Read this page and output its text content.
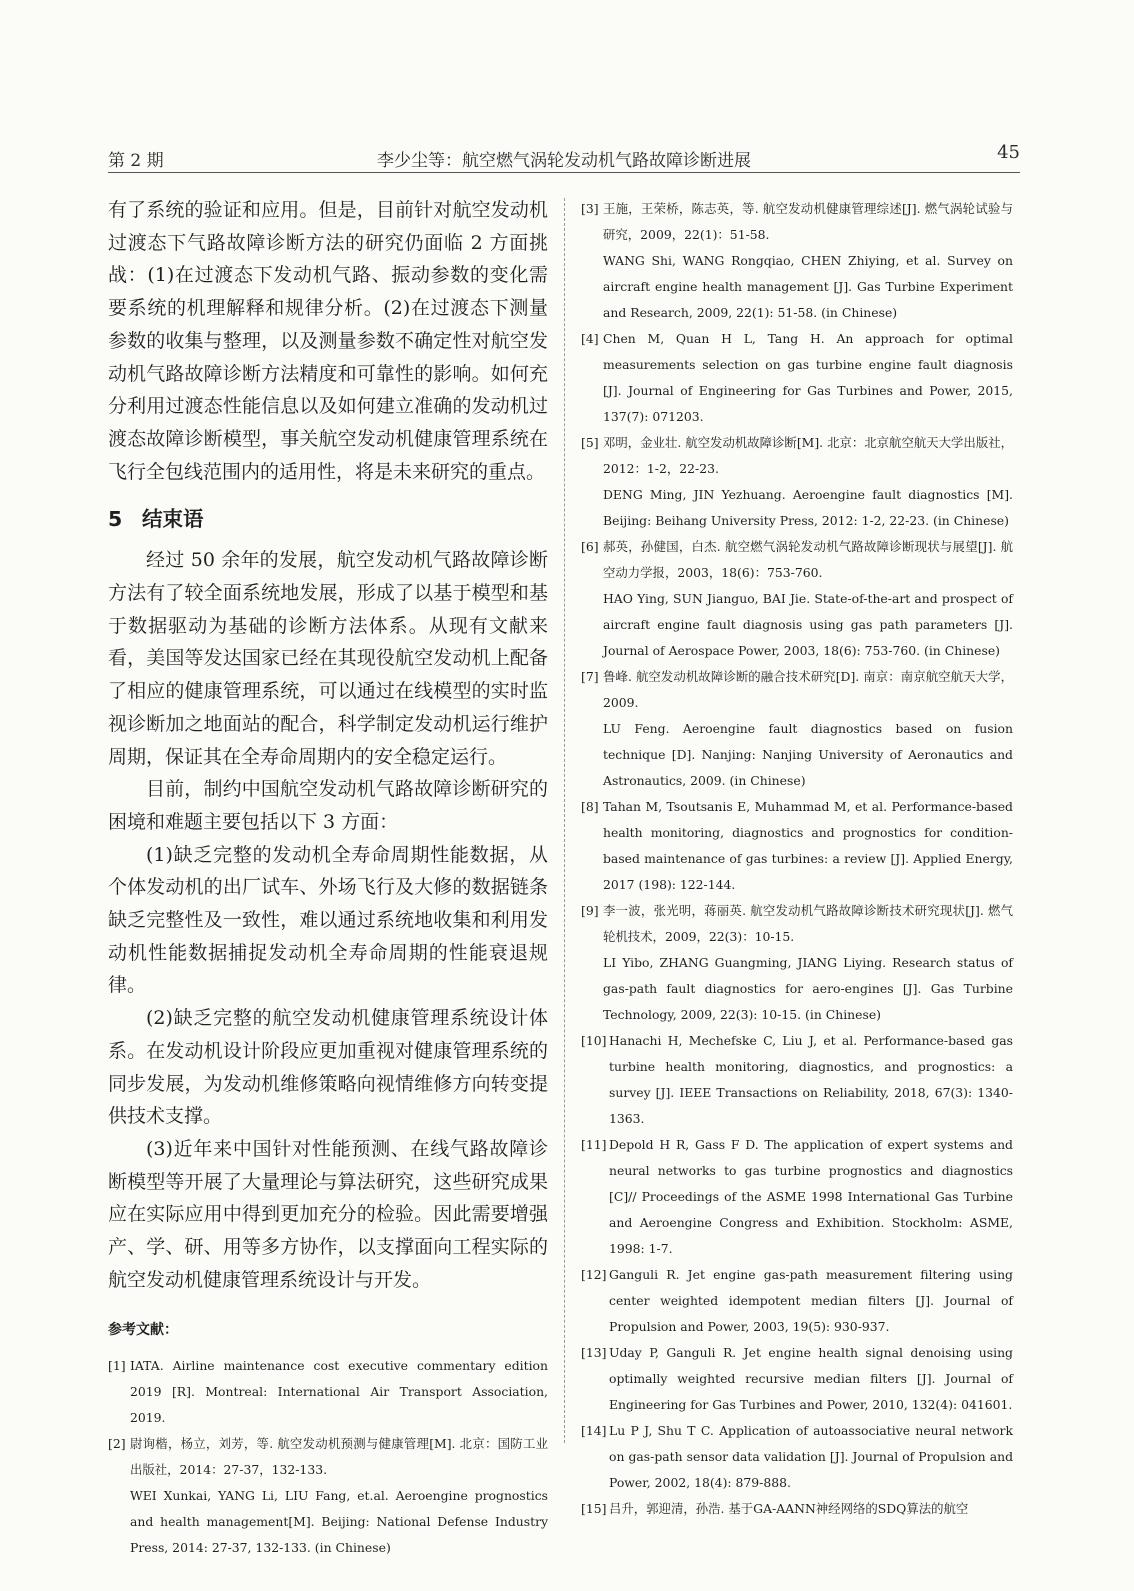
第 2 期	李少尘等：航空燃气涡轮发动机气路故障诊断进展	45

有了系统的验证和应用。但是，目前针对航空发动机过渡态下气路故障诊断方法的研究仍面临 2 方面挑战：(1)在过渡态下发动机气路、振动参数的变化需要系统的机理解释和规律分析。(2)在过渡态下测量参数的收集与整理，以及测量参数不确定性对航空发动机气路故障诊断方法精度和可靠性的影响。如何充分利用过渡态性能信息以及如何建立准确的发动机过渡态故障诊断模型，事关航空发动机健康管理系统在飞行全包线范围内的适用性，将是未来研究的重点。

5 结束语

经过 50 余年的发展，航空发动机气路故障诊断方法有了较全面系统地发展，形成了以基于模型和基于数据驱动为基础的诊断方法体系。从现有文献来看，美国等发达国家已经在其现役航空发动机上配备了相应的健康管理系统，可以通过在线模型的实时监视诊断加之地面站的配合，科学制定发动机运行维护周期，保证其在全寿命周期内的安全稳定运行。

目前，制约中国航空发动机气路故障诊断研究的困境和难题主要包括以下 3 方面：

(1)缺乏完整的发动机全寿命周期性能数据，从个体发动机的出厂试车、外场飞行及大修的数据链条缺乏完整性及一致性，难以通过系统地收集和利用发动机性能数据捕捉发动机全寿命周期的性能衰退规律。

(2)缺乏完整的航空发动机健康管理系统设计体系。在发动机设计阶段应更加重视对健康管理系统的同步发展，为发动机维修策略向视情维修方向转变提供技术支撑。

(3)近年来中国针对性能预测、在线气路故障诊断模型等开展了大量理论与算法研究，这些研究成果应在实际应用中得到更加充分的检验。因此需要增强产、学、研、用等多方协作，以支撑面向工程实际的航空发动机健康管理系统设计与开发。

参考文献：
[1] IATA. Airline maintenance cost executive commentary edition 2019 [R]. Montreal: International Air Transport Association, 2019.
[2] 尉询楷，杨立，刘芳，等. 航空发动机预测与健康管理[M]. 北京：国防工业出版社，2014：27-37，132-133.
WEI Xunkai, YANG Li, LIU Fang, et.al. Aeroengine prognostics and health management[M]. Beijing: National Defense Industry Press, 2014: 27-37, 132-133. (in Chinese)
[3] 王施，王荣桥，陈志英，等. 航空发动机健康管理综述[J]. 燃气涡轮试验与研究，2009，22(1)：51-58.
WANG Shi, WANG Rongqiao, CHEN Zhiying, et al. Survey on aircraft engine health management [J]. Gas Turbine Experiment and Research, 2009, 22(1): 51-58. (in Chinese)
[4] Chen M, Quan H L, Tang H. An approach for optimal measurements selection on gas turbine engine fault diagnosis [J]. Journal of Engineering for Gas Turbines and Power, 2015, 137(7): 071203.
[5] 邓明，金业壮. 航空发动机故障诊断[M]. 北京：北京航空航天大学出版社，2012：1-2，22-23.
DENG Ming, JIN Yezhuang. Aeroengine fault diagnostics [M]. Beijing: Beihang University Press, 2012: 1-2, 22-23. (in Chinese)
[6] 郝英，孙健国，白杰. 航空燃气涡轮发动机气路故障诊断现状与展望[J]. 航空动力学报，2003，18(6)：753-760.
HAO Ying, SUN Jianguo, BAI Jie. State-of-the-art and prospect of aircraft engine fault diagnosis using gas path parameters [J]. Journal of Aerospace Power, 2003, 18(6): 753-760. (in Chinese)
[7] 鲁峰. 航空发动机故障诊断的融合技术研究[D]. 南京：南京航空航天大学，2009.
LU Feng. Aeroengine fault diagnostics based on fusion technique [D]. Nanjing: Nanjing University of Aeronautics and Astronautics, 2009. (in Chinese)
[8] Tahan M, Tsoutsanis E, Muhammad M, et al. Performance-based health monitoring, diagnostics and prognostics for condition-based maintenance of gas turbines: a review [J]. Applied Energy, 2017 (198): 122-144.
[9] 李一波，张光明，蒋丽英. 航空发动机气路故障诊断技术研究现状[J]. 燃气轮机技术，2009，22(3)：10-15.
LI Yibo, ZHANG Guangming, JIANG Liying. Research status of gas-path fault diagnostics for aero-engines [J]. Gas Turbine Technology, 2009, 22(3): 10-15. (in Chinese)
[10] Hanachi H, Mechefske C, Liu J, et al. Performance-based gas turbine health monitoring, diagnostics, and prognostics: a survey [J]. IEEE Transactions on Reliability, 2018, 67(3): 1340-1363.
[11] Depold H R, Gass F D. The application of expert systems and neural networks to gas turbine prognostics and diagnostics [C]// Proceedings of the ASME 1998 International Gas Turbine and Aeroengine Congress and Exhibition. Stockholm: ASME, 1998: 1-7.
[12] Ganguli R. Jet engine gas-path measurement filtering using center weighted idempotent median filters [J]. Journal of Propulsion and Power, 2003, 19(5): 930-937.
[13] Uday P, Ganguli R. Jet engine health signal denoising using optimally weighted recursive median filters [J]. Journal of Engineering for Gas Turbines and Power, 2010, 132(4): 041601.
[14] Lu P J, Shu T C. Application of autoassociative neural network on gas-path sensor data validation [J]. Journal of Propulsion and Power, 2002, 18(4): 879-888.
[15] 吕升，郭迎清，孙浩. 基于GA-AANN神经网络的SDQ算法的航空
